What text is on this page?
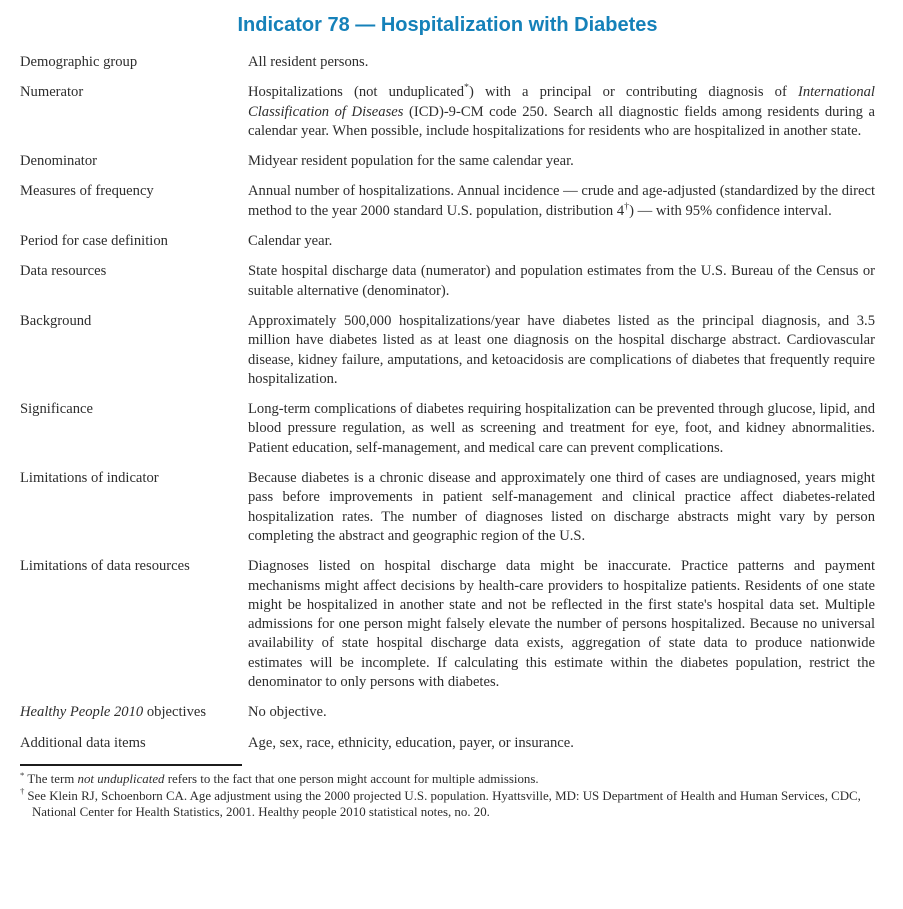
Indicator 78 — Hospitalization with Diabetes
Demographic group	All resident persons.
Numerator	Hospitalizations (not unduplicated*) with a principal or contributing diagnosis of International Classification of Diseases (ICD)-9-CM code 250. Search all diagnostic fields among residents during a calendar year. When possible, include hospitalizations for residents who are hospitalized in another state.
Denominator	Midyear resident population for the same calendar year.
Measures of frequency	Annual number of hospitalizations. Annual incidence — crude and age-adjusted (standardized by the direct method to the year 2000 standard U.S. population, distribution 4†) — with 95% confidence interval.
Period for case definition	Calendar year.
Data resources	State hospital discharge data (numerator) and population estimates from the U.S. Bureau of the Census or suitable alternative (denominator).
Background	Approximately 500,000 hospitalizations/year have diabetes listed as the principal diagnosis, and 3.5 million have diabetes listed as at least one diagnosis on the hospital discharge abstract. Cardiovascular disease, kidney failure, amputations, and ketoacidosis are complications of diabetes that frequently require hospitalization.
Significance	Long-term complications of diabetes requiring hospitalization can be prevented through glucose, lipid, and blood pressure regulation, as well as screening and treatment for eye, foot, and kidney abnormalities. Patient education, self-management, and medical care can prevent complications.
Limitations of indicator	Because diabetes is a chronic disease and approximately one third of cases are undiagnosed, years might pass before improvements in patient self-management and clinical practice affect diabetes-related hospitalization rates. The number of diagnoses listed on discharge abstracts might vary by person completing the abstract and geographic region of the U.S.
Limitations of data resources	Diagnoses listed on hospital discharge data might be inaccurate. Practice patterns and payment mechanisms might affect decisions by health-care providers to hospitalize patients. Residents of one state might be hospitalized in another state and not be reflected in the first state's hospital data set. Multiple admissions for one person might falsely elevate the number of persons hospitalized. Because no universal availability of state hospital discharge data exists, aggregation of state data to produce nationwide estimates will be incomplete. If calculating this estimate within the diabetes population, restrict the denominator to only persons with diabetes.
Healthy People 2010 objectives	No objective.
Additional data items	Age, sex, race, ethnicity, education, payer, or insurance.
* The term not unduplicated refers to the fact that one person might account for multiple admissions.
† See Klein RJ, Schoenborn CA. Age adjustment using the 2000 projected U.S. population. Hyattsville, MD: US Department of Health and Human Services, CDC, National Center for Health Statistics, 2001. Healthy people 2010 statistical notes, no. 20.
